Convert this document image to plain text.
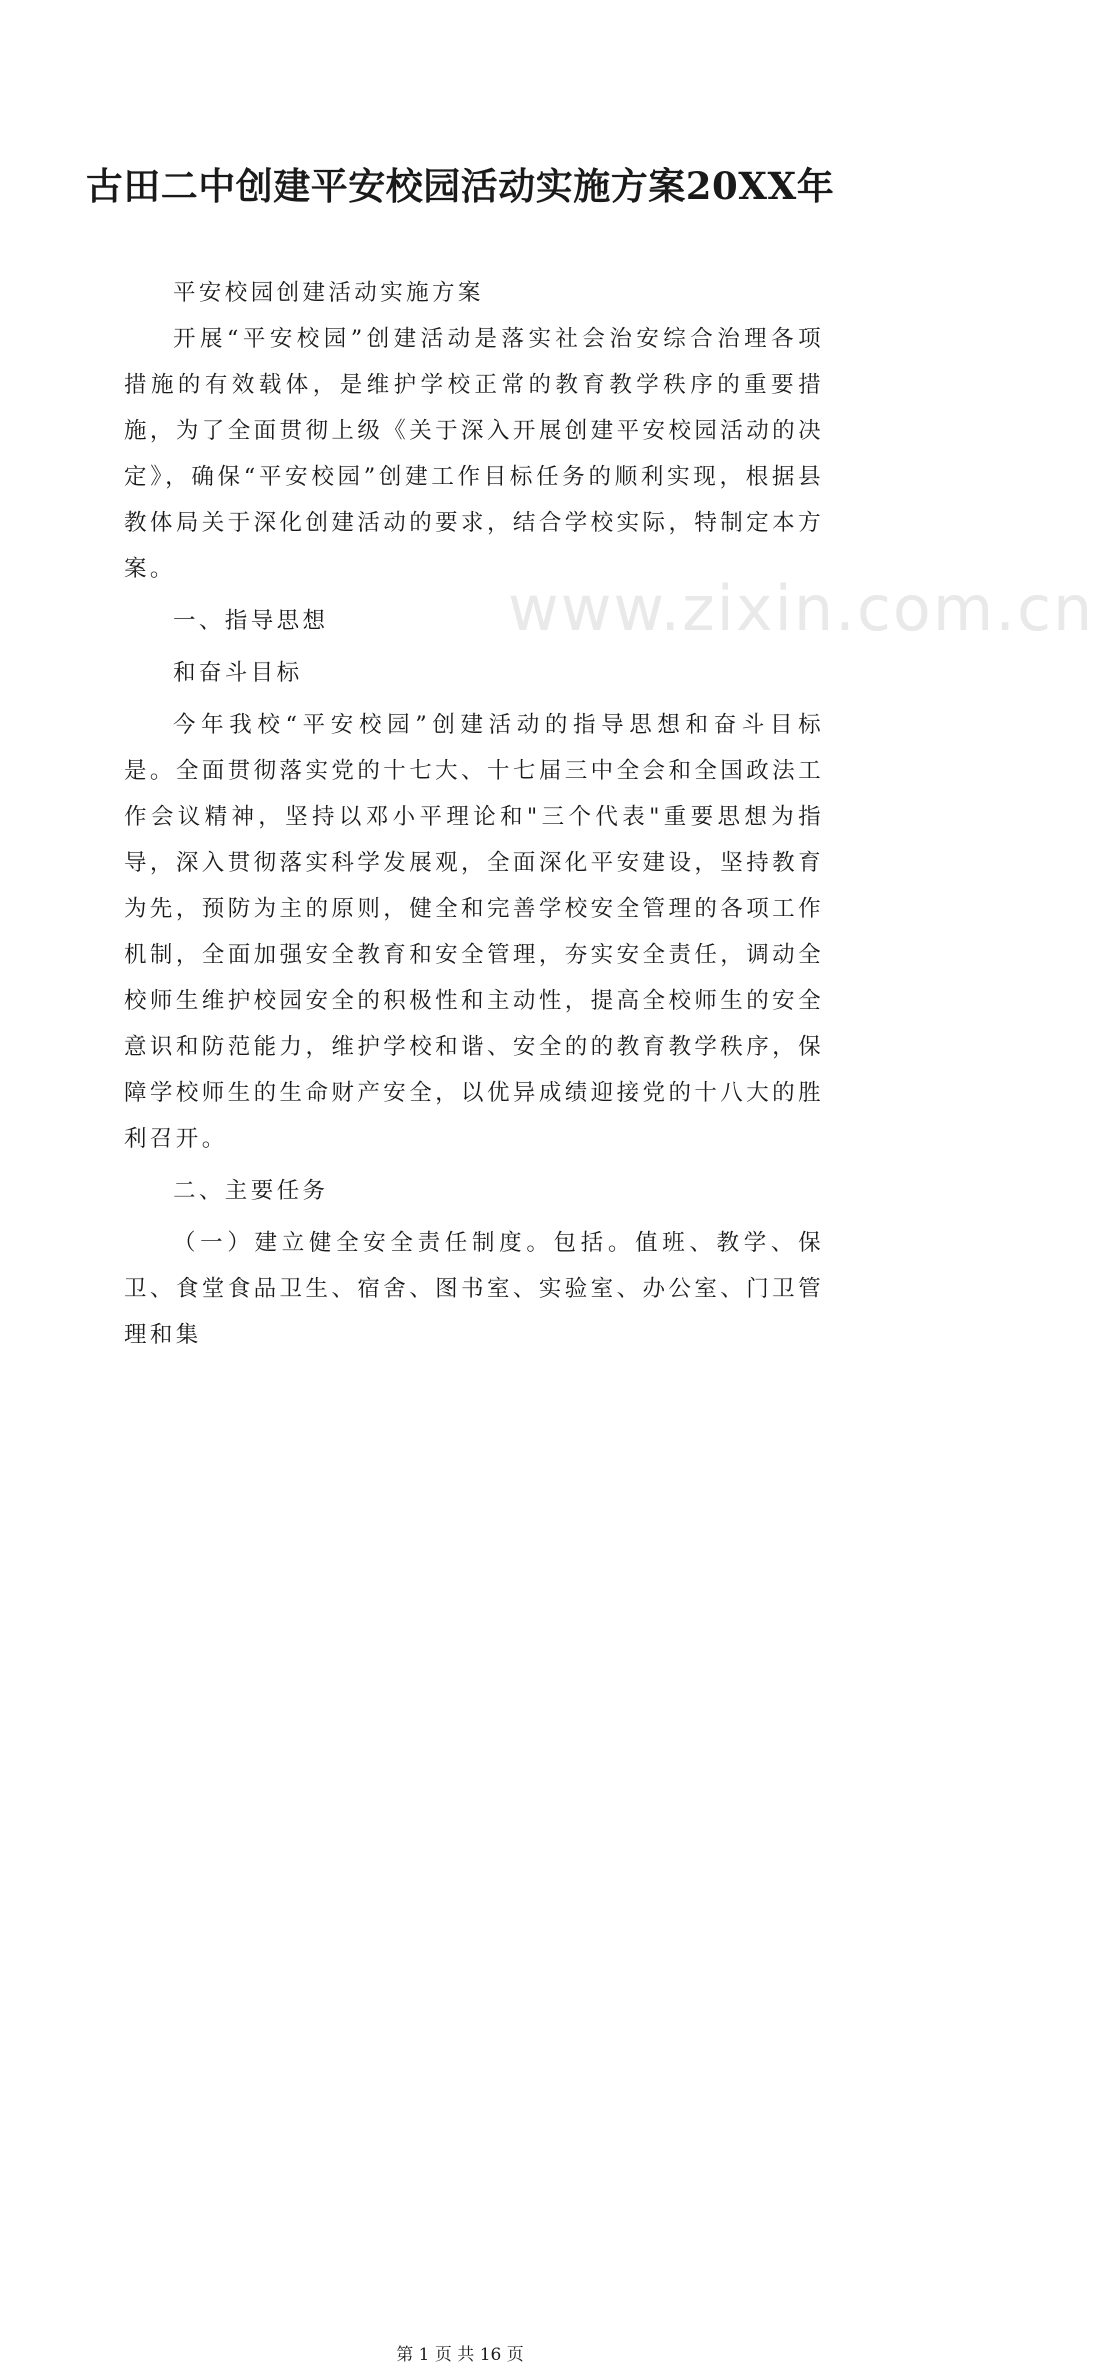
www.zixin.com.cn
古田二中创建平安校园活动实施方案20XX年

平安校园创建活动实施方案

开展“平安校园”创建活动是落实社会治安综合治理各项措施的有效载体，是维护学校正常的教育教学秩序的重要措施，为了全面贯彻上级《关于深入开展创建平安校园活动的决定》，确保“平安校园”创建工作目标任务的顺利实现，根据县教体局关于深化创建活动的要求，结合学校实际，特制定本方案。

一、指导思想

和奋斗目标

今年我校“平安校园”创建活动的指导思想和奋斗目标是。全面贯彻落实党的十七大、十七届三中全会和全国政法工作会议精神，坚持以邓小平理论和"三个代表"重要思想为指导，深入贯彻落实科学发展观，全面深化平安建设，坚持教育为先，预防为主的原则，健全和完善学校安全管理的各项工作机制，全面加强安全教育和安全管理，夯实安全责任，调动全校师生维护校园安全的积极性和主动性，提高全校师生的安全意识和防范能力，维护学校和谐、安全的的教育教学秩序，保障学校师生的生命财产安全，以优异成绩迎接党的十八大的胜利召开。

二、主要任务

（一）建立健全安全责任制度。包括。值班、教学、保卫、食堂食品卫生、宿舍、图书室、实验室、办公室、门卫管理和集

第 1 页 共 16 页
